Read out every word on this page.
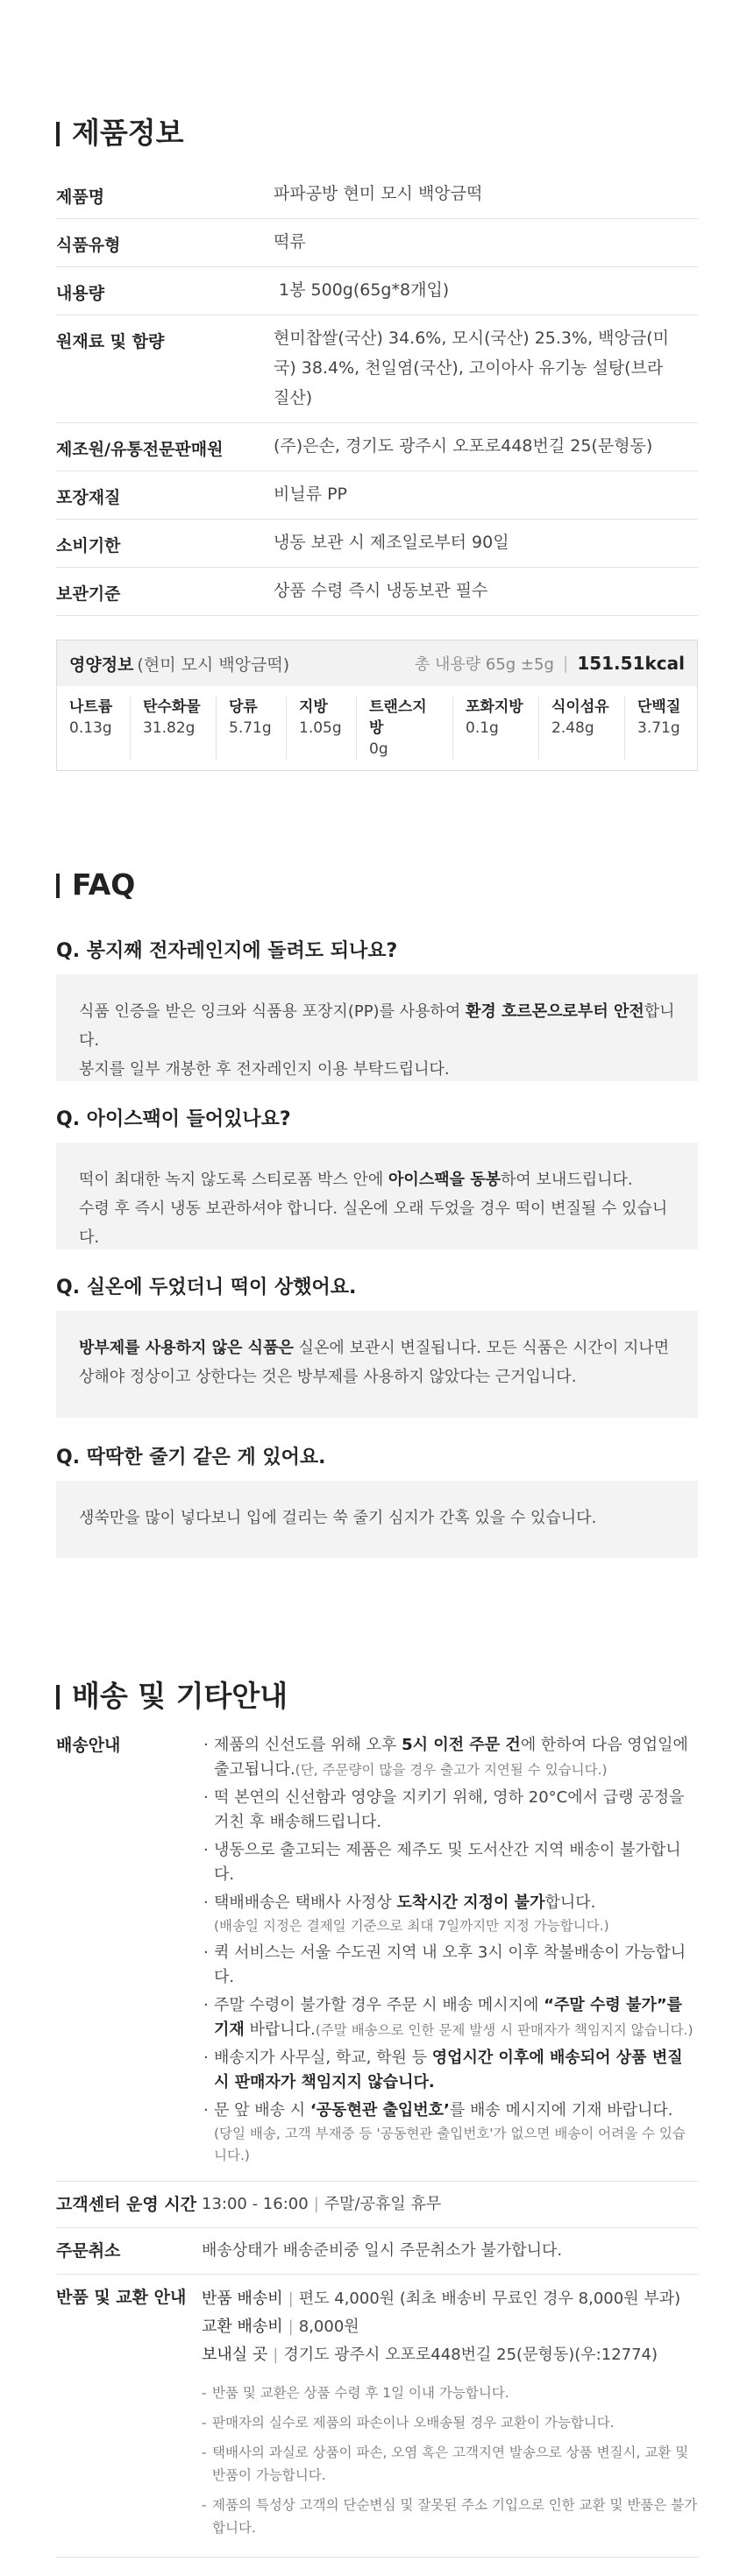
제품정보
제품명	파파공방 현미 모시 백앙금떡
식품유형	떡류
내용량	1봉 500g(65g*8개입)
원재료 및 함량	현미찹쌀(국산) 34.6%, 모시(국산) 25.3%, 백앙금(미국) 38.4%, 천일염(국산), 고이아사 유기농 설탕(브라질산)
제조원/유통전문판매원	(주)은손, 경기도 광주시 오포로448번길 25(문형동)
포장재질	비닐류 PP
소비기한	냉동 보관 시 제조일로부터 90일
보관기준	상품 수령 즉시 냉동보관 필수
영양정보 (현미 모시 백앙금떡)	총 내용량 65g ±5g | 151.51kcal
나트륨
0.13g
탄수화물
31.82g
당류
5.71g
지방
1.05g
트랜스지방
0g
포화지방
0.1g
식이섬유
2.48g
단백질
3.71g
FAQ
Q. 봉지째 전자레인지에 돌려도 되나요?
식품 인증을 받은 잉크와 식품용 포장지(PP)를 사용하여 환경 호르몬으로부터 안전합니다.
봉지를 일부 개봉한 후 전자레인지 이용 부탁드립니다.
Q. 아이스팩이 들어있나요?
떡이 최대한 녹지 않도록 스티로폼 박스 안에 아이스팩을 동봉하여 보내드립니다.
수령 후 즉시 냉동 보관하셔야 합니다. 실온에 오래 두었을 경우 떡이 변질될 수 있습니다.
Q. 실온에 두었더니 떡이 상했어요.
방부제를 사용하지 않은 식품은 실온에 보관시 변질됩니다. 모든 식품은 시간이 지나면
상해야 정상이고 상한다는 것은 방부제를 사용하지 않았다는 근거입니다.
Q. 딱딱한 줄기 같은 게 있어요.
생쑥만을 많이 넣다보니 입에 걸리는 쑥 줄기 심지가 간혹 있을 수 있습니다.
배송 및 기타안내
배송안내
·	제품의 신선도를 위해 오후 5시 이전 주문 건에 한하여 다음 영업일에 출고됩니다.(단, 주문량이 많을 경우 출고가 지연될 수 있습니다.)
· 떡 본연의 신선함과 영양을 지키기 위해, 영하 20°C에서 급랭 공정을 거친 후 배송해드립니다.
· 냉동으로 출고되는 제품은 제주도 및 도서산간 지역 배송이 불가합니다.
· 택배배송은 택배사 사정상 도착시간 지정이 불가합니다.
(배송일 지정은 결제일 기준으로 최대 7일까지만 지정 가능합니다.)
· 퀵 서비스는 서울 수도권 지역 내 오후 3시 이후 착불배송이 가능합니다.
· 주말 수령이 불가할 경우 주문 시 배송 메시지에 “주말 수령 불가”를 기재 바랍니다.(주말 배송으로 인한 문제 발생 시 판매자가 책임지지 않습니다.)
· 배송지가 사무실, 학교, 학원 등 영업시간 이후에 배송되어 상품 변질 시 판매자가 책임지지 않습니다.
· 문 앞 배송 시 ‘공동현관 출입번호’를 배송 메시지에 기재 바랍니다.
(당일 배송, 고객 부재중 등 '공동현관 출입번호'가 없으면 배송이 어려울 수 있습니다.)
고객센터 운영 시간 13:00 - 16:00 | 주말/공휴일 휴무
주문취소	배송상태가 배송준비중 일시 주문취소가 불가합니다.
반품 및 교환 안내 반품 배송비 | 편도 4,000원 (최초 배송비 무료인 경우 8,000원 부과)
교환 배송비 | 8,000원
보내실 곳 | 경기도 광주시 오포로448번길 25(문형동)(우:12774)
- 반품 및 교환은 상품 수령 후 1일 이내 가능합니다.
- 판매자의 실수로 제품의 파손이나 오배송될 경우 교환이 가능합니다.
- 택배사의 과실로 상품이 파손, 오염 혹은 고객지연 발송으로 상품 변질시, 교환 및 반품이 가능합니다.
- 제품의 특성상 고객의 단순변심 및 잘못된 주소 기입으로 인한 교환 및 반품은 불가합니다.
